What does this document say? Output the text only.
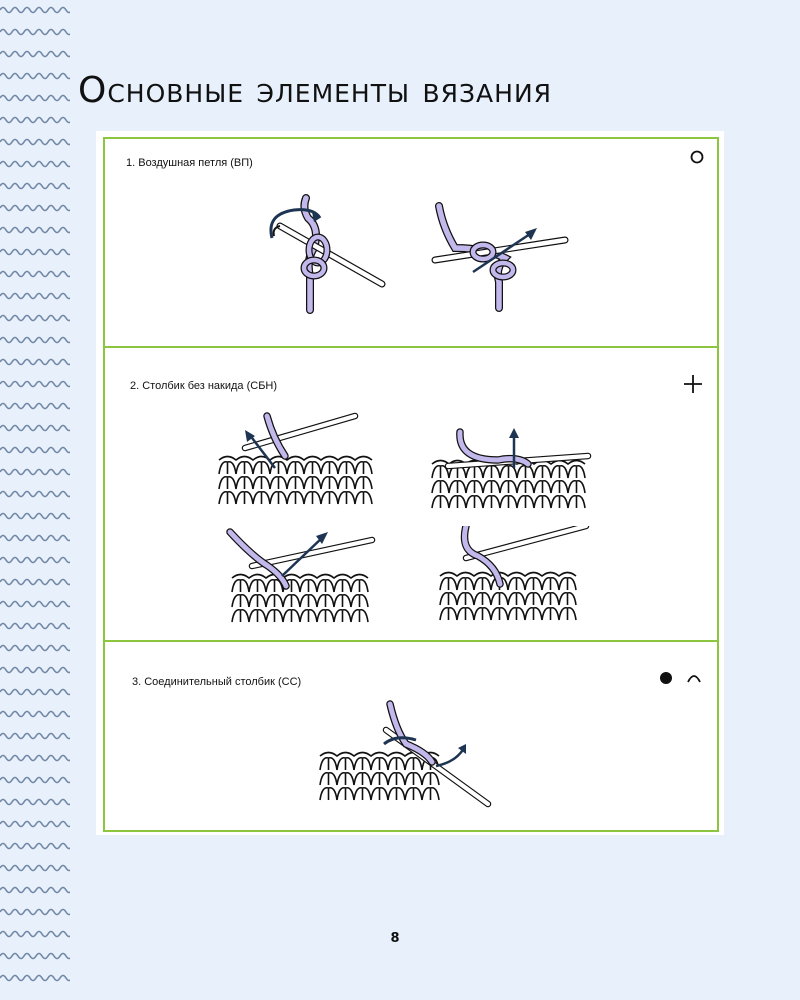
Основные элементы вязания
1. Воздушная петля (ВП)
2. Столбик без накида (СБН)
3. Соединительный столбик (СС)
8
